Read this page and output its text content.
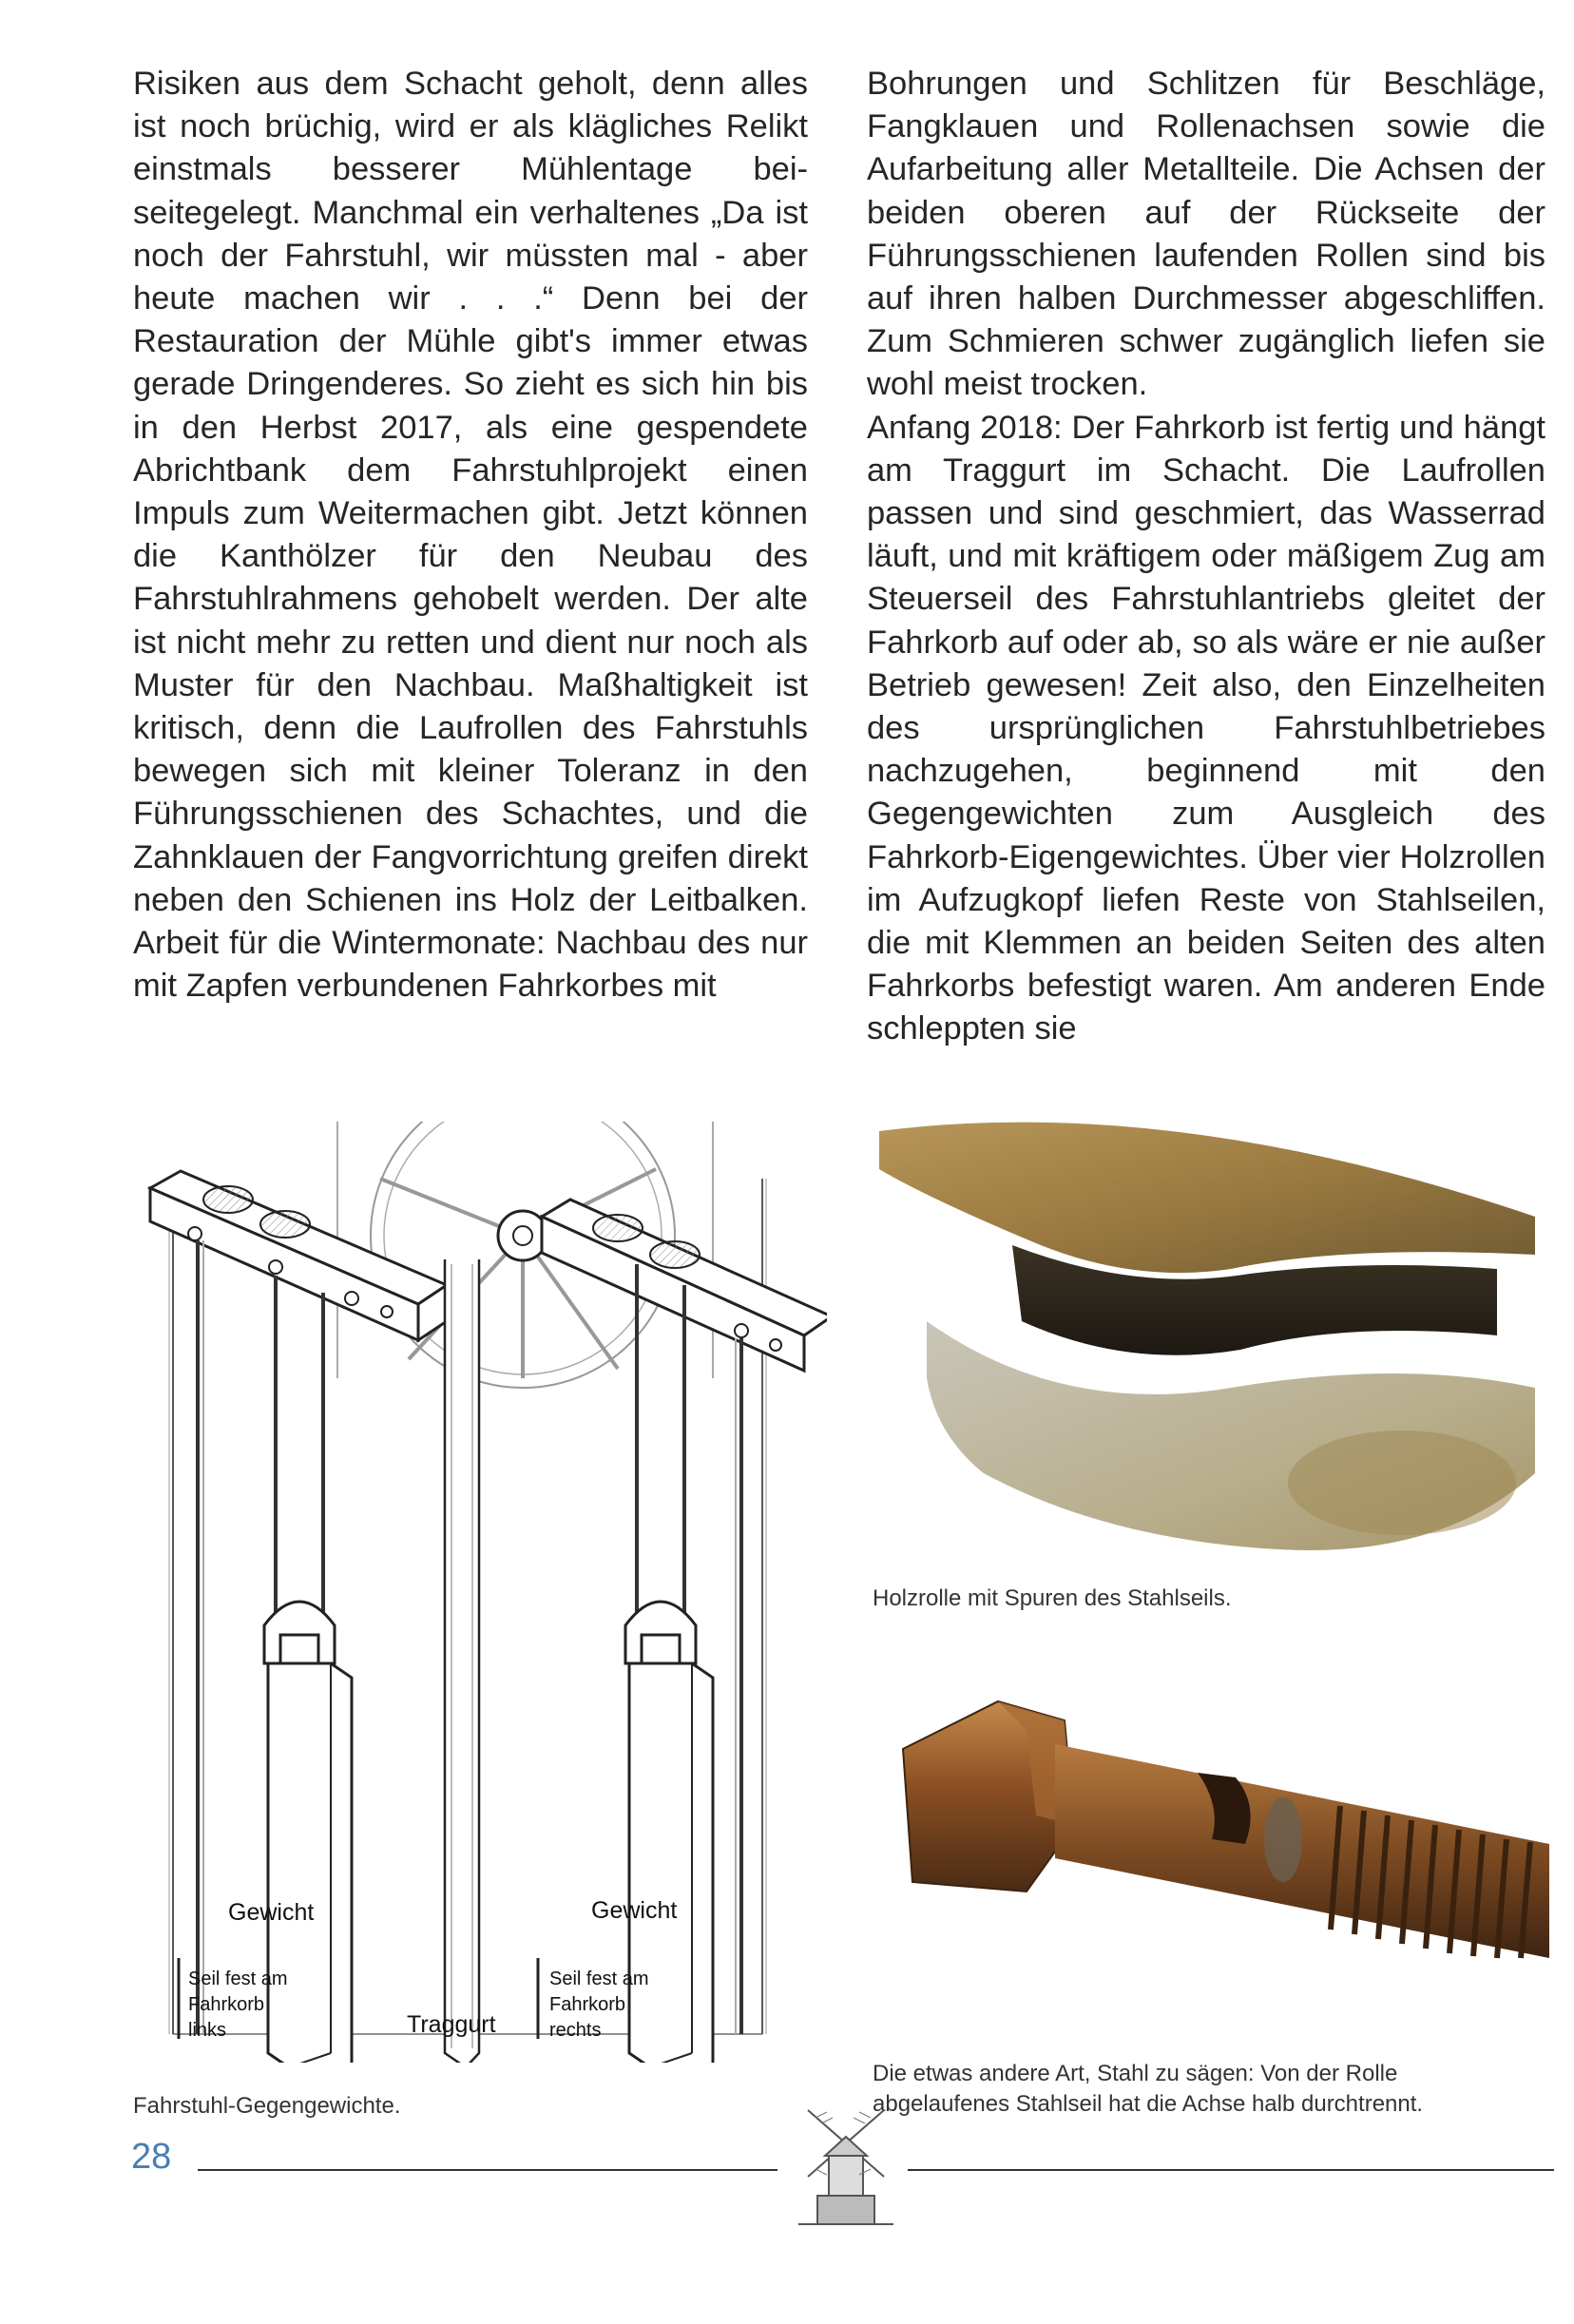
Risiken aus dem Schacht geholt, denn alles ist noch brüchig, wird er als klägliches Relikt einstmals besserer Mühlentage beiseitegelegt. Manchmal ein verhaltenes „Da ist noch der Fahrstuhl, wir müssten mal - aber heute machen wir . . .“ Denn bei der Restauration der Mühle gibt's immer etwas gerade Dringenderes. So zieht es sich hin bis in den Herbst 2017, als eine gespendete Abrichtbank dem Fahrstuhlprojekt einen Impuls zum Weitermachen gibt. Jetzt können die Kanthölzer für den Neubau des Fahrstuhlrahmens gehobelt werden. Der alte ist nicht mehr zu retten und dient nur noch als Muster für den Nachbau. Maßhaltigkeit ist kritisch, denn die Laufrollen des Fahrstuhls bewegen sich mit kleiner Toleranz in den Führungsschienen des Schachtes, und die Zahnklauen der Fangvorrichtung greifen direkt neben den Schienen ins Holz der Leitbalken. Arbeit für die Wintermonate: Nachbau des nur mit Zapfen verbundenen Fahrkorbes mit

Bohrungen und Schlitzen für Beschläge, Fangklauen und Rollenachsen sowie die Aufarbeitung aller Metallteile. Die Achsen der beiden oberen auf der Rückseite der Führungsschienen laufenden Rollen sind bis auf ihren halben Durchmesser abgeschliffen. Zum Schmieren schwer zugänglich liefen sie wohl meist trocken.

Anfang 2018: Der Fahrkorb ist fertig und hängt am Traggurt im Schacht. Die Laufrollen passen und sind geschmiert, das Wasserrad läuft, und mit kräftigem oder mäßigem Zug am Steuerseil des Fahrstuhlantriebs gleitet der Fahrkorb auf oder ab, so als wäre er nie außer Betrieb gewesen! Zeit also, den Einzelheiten des ursprünglichen Fahrstuhlbetriebes nachzugehen, beginnend mit den Gegengewichten zum Ausgleich des Fahrkorb-Eigengewichtes. Über vier Holzrollen im Aufzugkopf liefen Reste von Stahlseilen, die mit Klemmen an beiden Seiten des alten Fahrkorbs befestigt waren. Am anderen Ende schleppten sie

Gewicht	Gewicht
Seil fest am
Fahrkorb
links
Seil fest am
Fahrkorb
rechts
Traggurt
Fahrstuhl-Gegengewichte.
Holzrolle mit Spuren des Stahlseils.
Die etwas andere Art, Stahl zu sägen: Von der Rolle
abgelaufenes Stahlseil hat die Achse halb durchtrennt.
28
